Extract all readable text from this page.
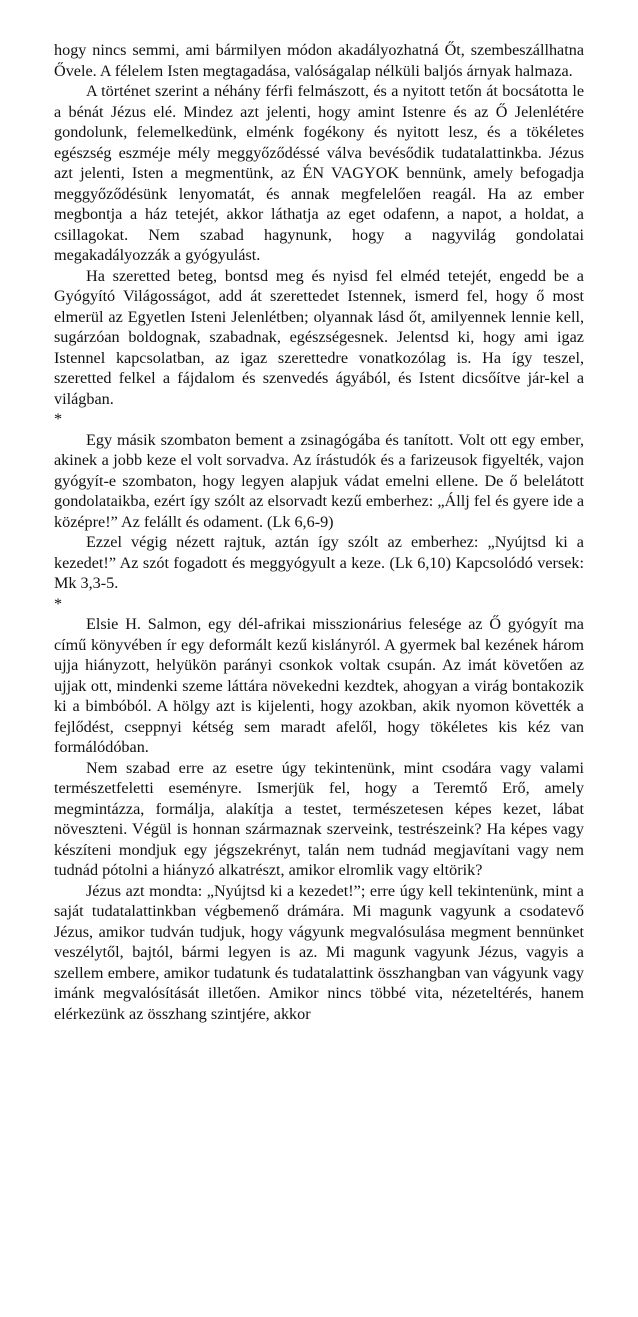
hogy nincs semmi, ami bármilyen módon akadályozhatná Őt, szembeszállhatna Ővele. A félelem Isten megtagadása, valóságalap nélküli baljós árnyak halmaza.

A történet szerint a néhány férfi felmászott, és a nyitott tetőn át bocsátotta le a bénát Jézus elé. Mindez azt jelenti, hogy amint Istenre és az Ő Jelenlétére gondolunk, felemelkedünk, elménk fogékony és nyitott lesz, és a tökéletes egészség eszméje mély meggyőződéssé válva bevésődik tudatalattinkba. Jézus azt jelenti, Isten a megmentünk, az ÉN VAGYOK bennünk, amely befogadja meggyőződésünk lenyomatát, és annak megfelelően reagál. Ha az ember megbontja a ház tetejét, akkor láthatja az eget odafenn, a napot, a holdat, a csillagokat. Nem szabad hagynunk, hogy a nagyvilág gondolatai megakadályozzák a gyógyulást.

Ha szeretted beteg, bontsd meg és nyisd fel elméd tetejét, engedd be a Gyógyító Világosságot, add át szerettedet Istennek, ismerd fel, hogy ő most elmerül az Egyetlen Isteni Jelenlétben; olyannak lásd őt, amilyennek lennie kell, sugárzóan boldognak, szabadnak, egészségesnek. Jelentsd ki, hogy ami igaz Istennel kapcsolatban, az igaz szerettedre vonatkozólag is. Ha így teszel, szeretted felkel a fájdalom és szenvedés ágyából, és Istent dicsőítve jár-kel a világban.

*

Egy másik szombaton bement a zsinagógába és tanított. Volt ott egy ember, akinek a jobb keze el volt sorvadva. Az írástudók és a farizeusok figyelték, vajon gyógyít-e szombaton, hogy legyen alapjuk vádat emelni ellene. De ő belelátott gondolataikba, ezért így szólt az elsorvadt kezű emberhez: „Állj fel és gyere ide a középre!” Az felállt és odament. (Lk 6,6-9)

Ezzel végig nézett rajtuk, aztán így szólt az emberhez: „Nyújtsd ki a kezedet!” Az szót fogadott és meggyógyult a keze. (Lk 6,10) Kapcsolódó versek: Mk 3,3-5.

*

Elsie H. Salmon, egy dél-afrikai misszionárius felesége az Ő gyógyít ma című könyvében ír egy deformált kezű kislányról. A gyermek bal kezének három ujja hiányzott, helyükön parányi csonkok voltak csupán. Az imát követően az ujjak ott, mindenki szeme láttára növekedni kezdtek, ahogyan a virág bontakozik ki a bimbóból. A hölgy azt is kijelenti, hogy azokban, akik nyomon követték a fejlődést, cseppnyi kétség sem maradt afelől, hogy tökéletes kis kéz van formálódóban.

Nem szabad erre az esetre úgy tekintenünk, mint csodára vagy valami természetfeletti eseményre. Ismerjük fel, hogy a Teremtő Erő, amely megmintázza, formálja, alakítja a testet, természetesen képes kezet, lábat növeszteni. Végül is honnan származnak szerveink, testrészeink? Ha képes vagy készíteni mondjuk egy jégszekrényt, talán nem tudnád megjavítani vagy nem tudnád pótolni a hiányzó alkatrészt, amikor elromlik vagy eltörik?

Jézus azt mondta: „Nyújtsd ki a kezedet!”; erre úgy kell tekintenünk, mint a saját tudatalattinkban végbemenő drámára. Mi magunk vagyunk a csodatevő Jézus, amikor tudván tudjuk, hogy vágyunk megvalósulása megment bennünket veszélytől, bajtól, bármi legyen is az. Mi magunk vagyunk Jézus, vagyis a szellem embere, amikor tudatunk és tudatalattink összhangban van vágyunk vagy imánk megvalósítását illetően. Amikor nincs többé vita, nézeteltérés, hanem elérkezünk az összhang szintjére, akkor
